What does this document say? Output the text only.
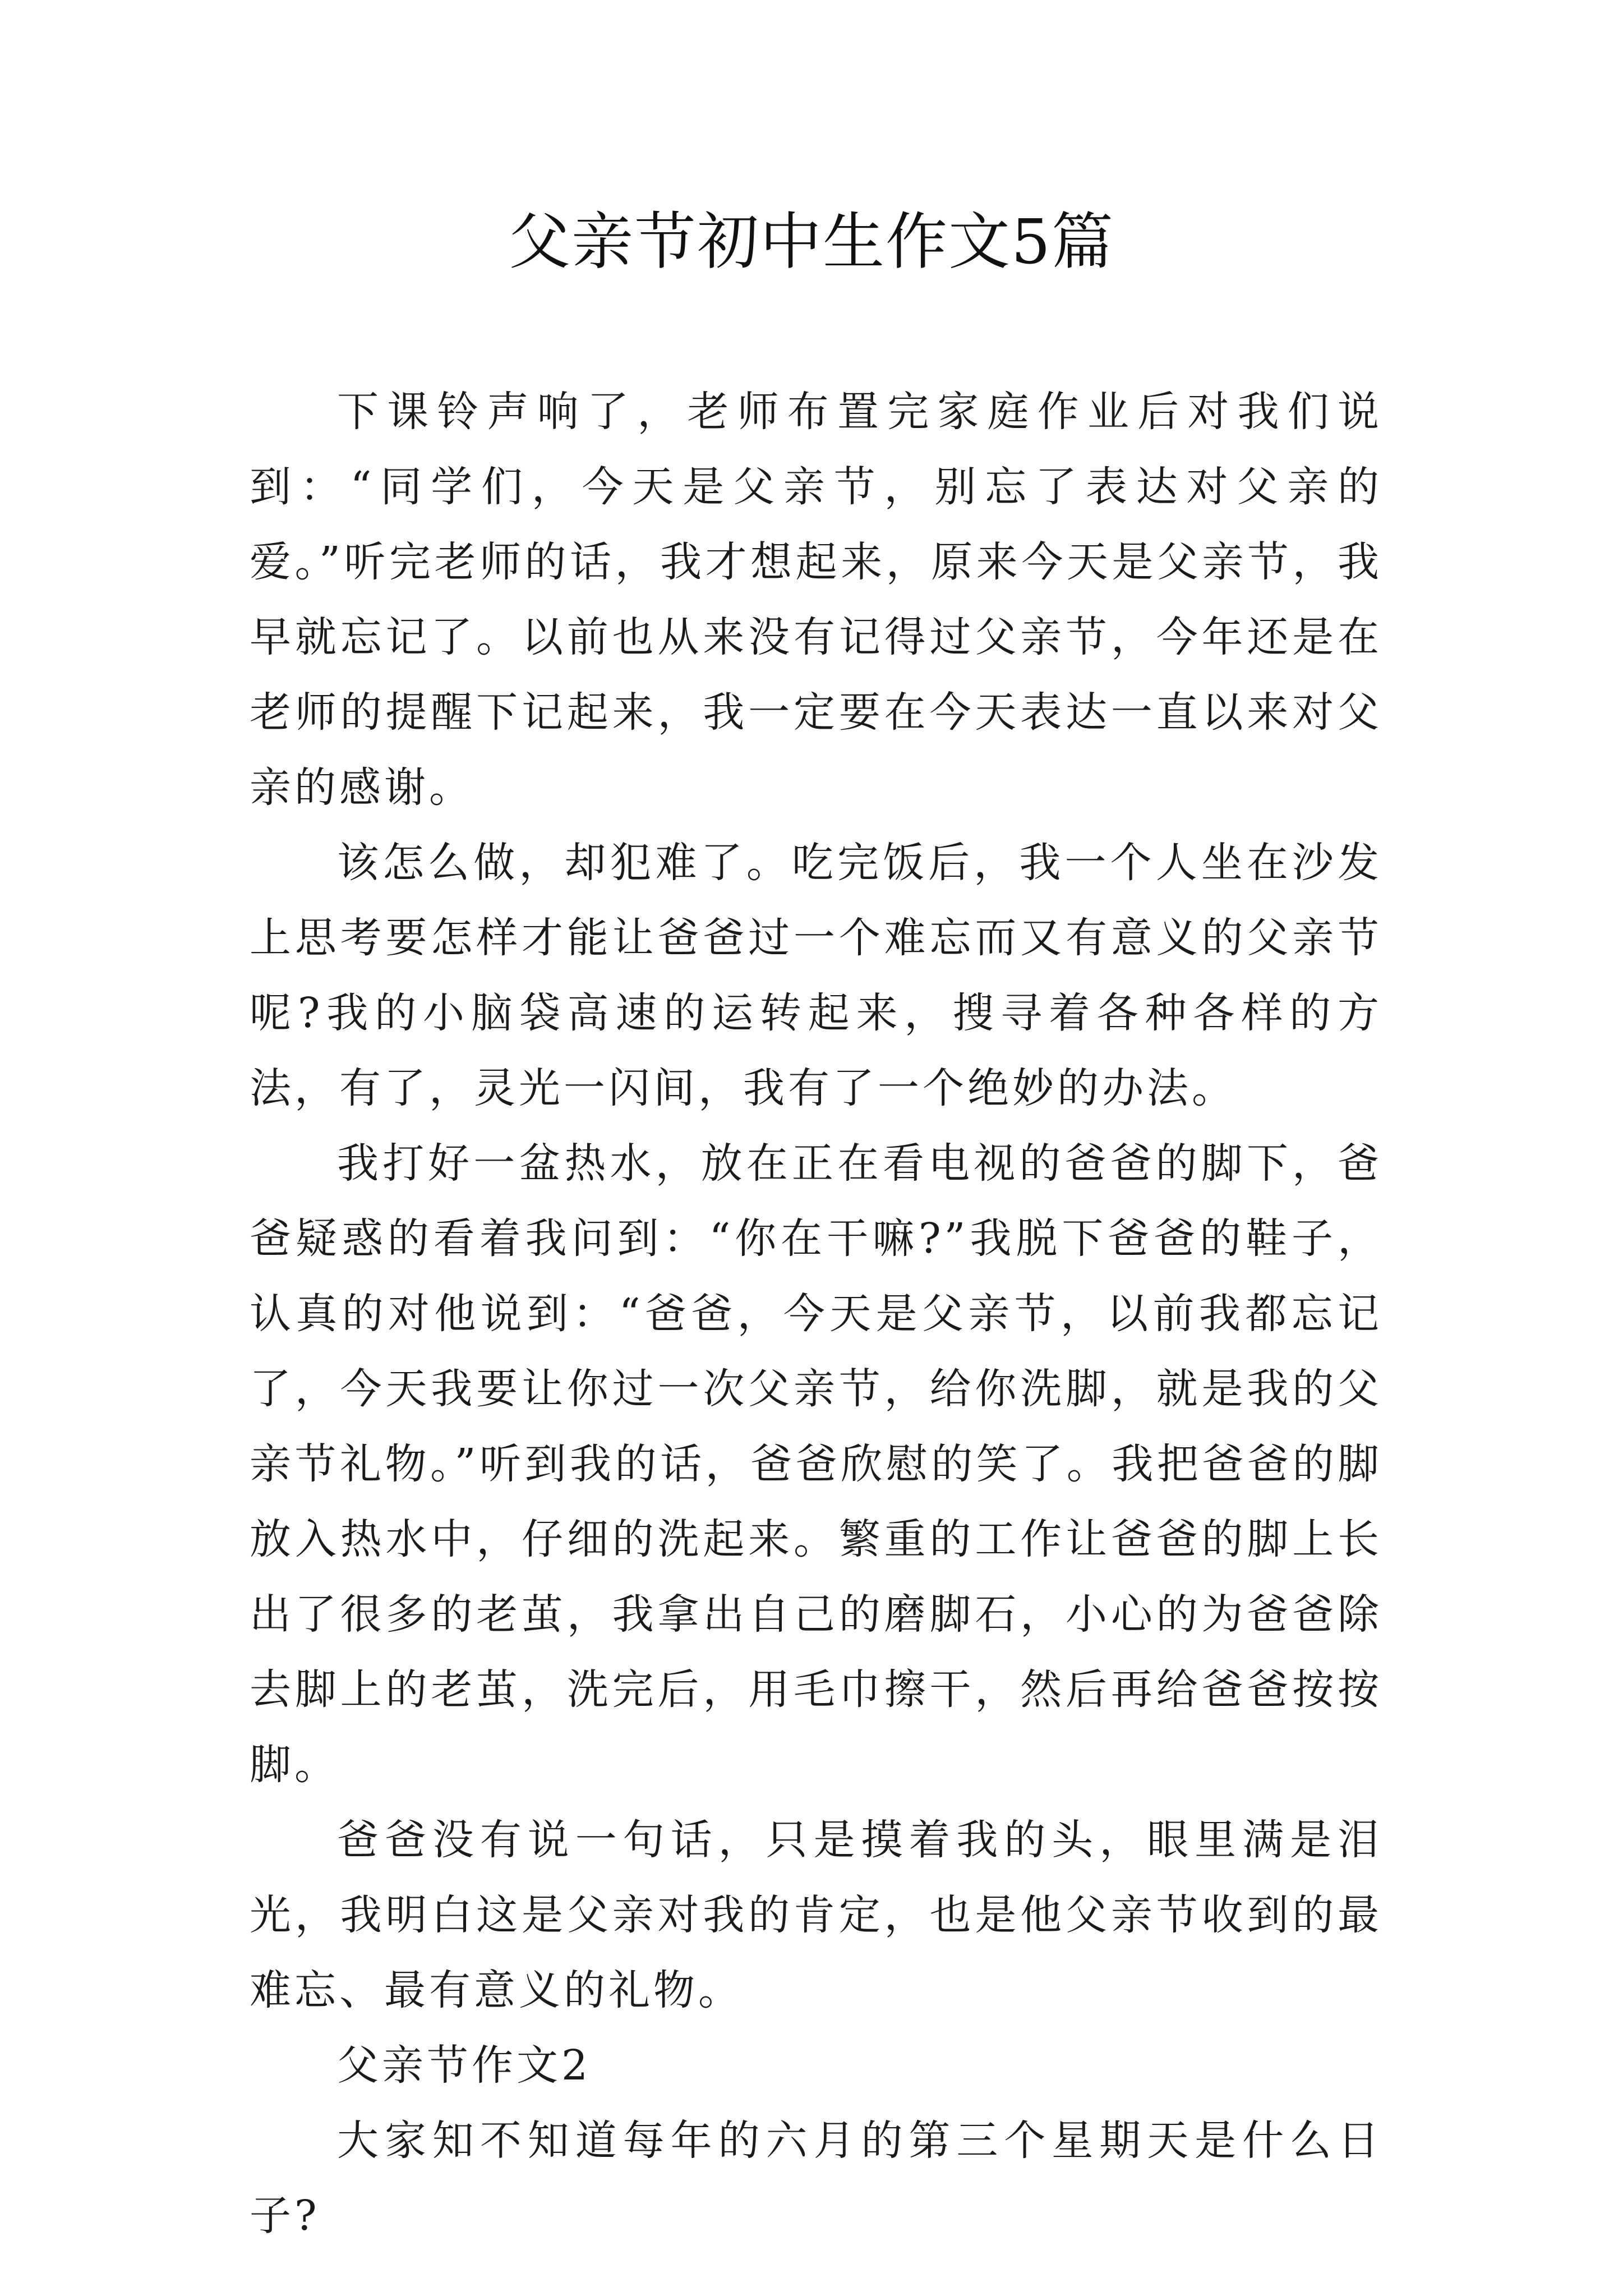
父亲节初中生作文5篇

下课铃声响了，老师布置完家庭作业后对我们说到：“同学们，今天是父亲节，别忘了表达对父亲的爱。”听完老师的话，我才想起来，原来今天是父亲节，我早就忘记了。以前也从来没有记得过父亲节，今年还是在老师的提醒下记起来，我一定要在今天表达一直以来对父亲的感谢。

该怎么做，却犯难了。吃完饭后，我一个人坐在沙发上思考要怎样才能让爸爸过一个难忘而又有意义的父亲节呢?我的小脑袋高速的运转起来，搜寻着各种各样的方法，有了，灵光一闪间，我有了一个绝妙的办法。

我打好一盆热水，放在正在看电视的爸爸的脚下，爸爸疑惑的看着我问到：“你在干嘛?”我脱下爸爸的鞋子，认真的对他说到：“爸爸，今天是父亲节，以前我都忘记了，今天我要让你过一次父亲节，给你洗脚，就是我的父亲节礼物。”听到我的话，爸爸欣慰的笑了。我把爸爸的脚放入热水中，仔细的洗起来。繁重的工作让爸爸的脚上长出了很多的老茧，我拿出自己的磨脚石，小心的为爸爸除去脚上的老茧，洗完后，用毛巾擦干，然后再给爸爸按按脚。

爸爸没有说一句话，只是摸着我的头，眼里满是泪光，我明白这是父亲对我的肯定，也是他父亲节收到的最难忘、最有意义的礼物。

父亲节作文2

大家知不知道每年的六月的第三个星期天是什么日子?
